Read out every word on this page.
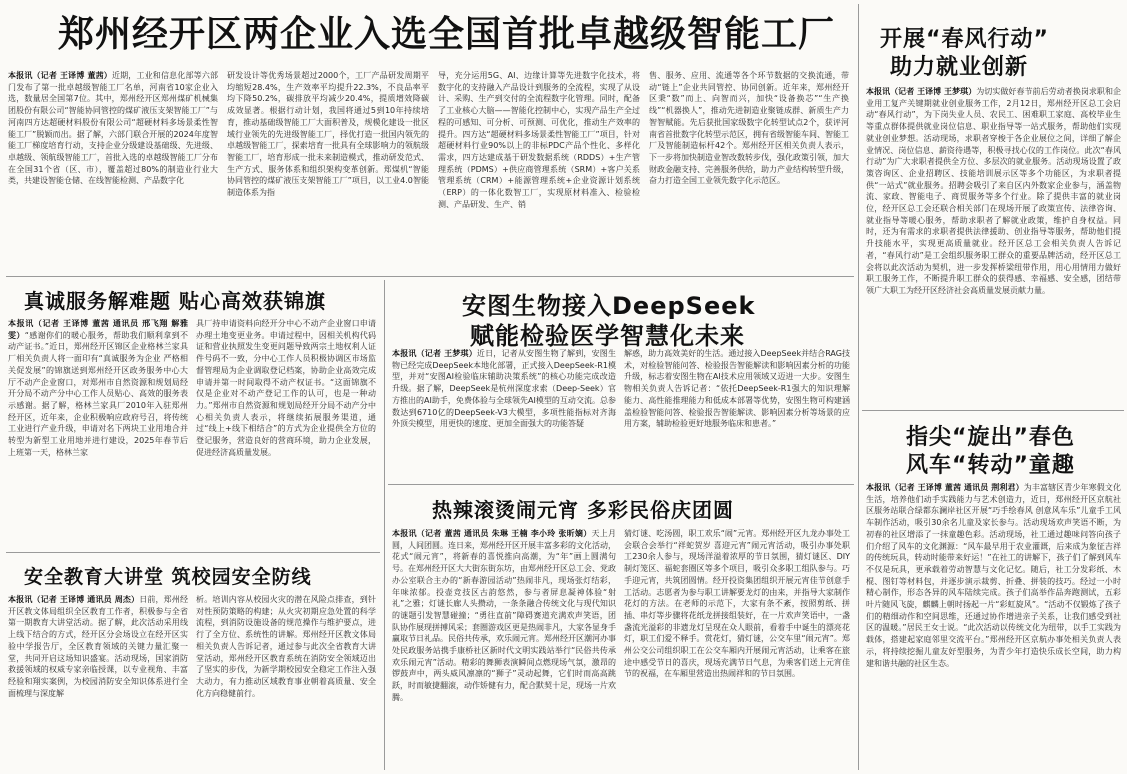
郑州经开区两企业入选全国首批卓越级智能工厂
本报讯（记者 王译博 董茜）近期，工业和信息化部等六部门发布了第一批卓越级智能工厂名单，河南省10家企业入选，数量居全国第7位。其中，郑州经开区郑州煤矿机械集团股份有限公司“智能协同管控的煤矿液压支架智能工厂”与河南四方达超硬材料股份有限公司“超硬材料多场景柔性智能工厂”脱颖而出。据了解，六部门联合开展的2024年度智能工厂梯度培育行动，支持企业分级建设基础级、先进级、卓越级、领航级智能工厂，首批入选的卓越级智能工厂分布在全国31个省（区、市），覆盖超过80%的制造业行业大类，共建设智能仓储、在线智能检测、产品数字化
研发设计等优秀场景超过2000个，工厂产品研发周期平均缩短28.4%，生产效率平均提升22.3%，不良品率平均下降50.2%，碳排放平均减少20.4%，提质增效降碳成效显著。根据行动计划，我国将通过5到10年持续培育，推动基础级智能工厂大面积普及，规模化建设一批区域行业领先的先进级智能工厂，择优打造一批国内领先的卓越级智能工厂，探索培育一批具有全球影响力的领航级智能工厂，培育形成一批未来制造模式，推动研发范式、生产方式、服务体系和组织架构变革创新。郑煤机“智能协同管控的煤矿液压支架智能工厂”项目，以工业4.0智能制造体系为指
导，充分运用5G、AI、边缘计算等先进数字化技术，将数字化的支持融入产品设计到服务的全流程，实现了从设计、采购、生产到交付的全流程数字化管理。同时，配备了工业核心大脑——智能化控制中心，实现产品生产全过程的可感知、可分析、可预测、可优化，推动生产效率的提升。四方达“超硬材料多场景柔性智能工厂”项目，针对超硬材料行业90%以上的非标PDC产品个性化、多样化需求，四方达建成基于研发数据系统（RDDS）+生产管理系统（PDMS）+供应商管理系统（SRM）+客户关系管理系统（CRM）+能源管理系统+企业资源计划系统（ERP）的一体化数智工厂，实现原材料准入、检验检测、产品研发、生产、销
售、服务、应用、流通等各个环节数据的交换流通，带动“链上”企业共同管控、协同创新。近年来，郑州经开区秉“数”而上、向智而兴，加快“设备换芯”“生产换线”“机器换人”，推动先进制造业聚链成群、新质生产力智智赋能。先后获批国家级数字化转型试点2个，获评河南省首批数字化转型示范区，拥有省级智能车间、智能工厂及智能制造标杆42个。郑州经开区相关负责人表示，下一步将加快制造业智改数转步伐，强化政策引领，加大财政金融支持、完善服务供给，助力产业结构转型升级，奋力打造全国工业领先数字化示范区。
开展“春风行动”
助力就业创新
本报讯（记者 王译博 王梦琪）为切实做好春节前后劳动者换岗求职和企业用工复产关键期就业创业服务工作，2月12日，郑州经开区总工会启动“春风行动”，为下岗失业人员、农民工、困难职工家庭、高校毕业生等重点群体提供就业岗位信息、职业指导等一站式服务，帮助他们实现就业创业梦想。活动现场，求职者穿梭于各企业展位之间，详细了解企业情况、岗位信息、薪资待遇等，积极寻找心仪的工作岗位。此次“春风行动”为广大求职者提供全方位、多层次的就业服务。活动现场设置了政策咨询区、企业招聘区、技能培训展示区等多个功能区，为求职者提供“一站式”就业服务。招聘会吸引了来自区内外数家企业参与，涵盖物流、家政、智能电子、商贸服务等多个行业。除了提供丰富的就业岗位，经开区总工会还联合相关部门在现场开展了政策宣传、法律咨询、就业指导等暖心服务，帮助求职者了解就业政策，维护自身权益。同时，还为有需求的求职者提供法律援助、创业指导等服务，帮助他们提升技能水平，实现更高质量就业。经开区总工会相关负责人告诉记者，“春风行动”是工会组织服务职工群众的重要品牌活动，经开区总工会将以此次活动为契机，进一步发挥桥梁纽带作用，用心用情用力做好职工服务工作，不断提升职工群众的获得感、幸福感、安全感，团结带领广大职工为经开区经济社会高质量发展贡献力量。
真诚服务解难题 贴心高效获锦旗
本报讯（记者 王译博 董茜 通讯员 邢飞翔 解雅雯）“感谢你们的暖心服务，帮助我们顺利拿到不动产证书。”近日，郑州经开区锦区企业格林兰家具厂相关负责人将一面印有“真诚服务为企业 严格相关促发展”的锦旗送到郑州经开区政务服务中心大厅不动产企业窗口，对郑州市自然资源和规划局经开分局不动产分中心工作人员贴心、高效的服务表示感谢。据了解，格林兰家具厂2010年入驻郑州经开区，近年来，企业积极响应政府号召，将传统工业进行产业升级，申请对名下两块工业用地合并转型为新型工业用地并进行建设，2025年春节后上班第一天，格林兰家
具厂持申请资料向经开分中心不动产企业窗口申请办理土地变更业务。申请过程中，因相关机构代码证和营业执照发生变更问题导致两宗土地权利人证件号码不一致，分中心工作人员积极协调区市场监督管理局为企业调取登记档案，协助企业高效完成申请并第一时间取得不动产权证书。“这面锦旗不仅是企业对不动产登记工作的认可，也是一种动力。”郑州市自然资源和规划局经开分局不动产分中心相关负责人表示，将继续拓展服务渠道，通过“线上+线下相结合”的方式为企业提供全方位的登记服务，营造良好的营商环境，助力企业发展，促进经济高质量发展。
安图生物接入DeepSeek
赋能检验医学智慧化未来
本报讯（记者 王梦琪）近日，记者从安图生物了解到，安图生物已经完成DeepSeek本地化部署，正式接入DeepSeek-R1模型，并对“安图AI检验临床辅助决策系统”的核心功能完成改造升级。据了解，DeepSeek是杭州深度求索（Deep-Seek）官方推出的AI助手，免费体验与全球领先AI模型的互动交流。总参数达到6710亿的DeepSeek-V3大模型，多项性能指标对齐海外顶尖模型，用更快的速度、更加全面强大的功能答疑
解惑，助力高效美好的生活。通过接入DeepSeek并结合RAG技术，对检验智能问答、检验报告智能解读和影响因素分析的功能升级，标志着安图生物在AI技术应用领域又迈进一大步。安图生物相关负责人告诉记者：“依托DeepSeek-R1强大的知识理解能力、高性能推理能力和低成本部署等优势，安图生物可构建涵盖检验智能问答、检验报告智能解读、影响因素分析等场景的应用方案，辅助检验更好地服务临床和患者。”
热辣滚烫闹元宵 多彩民俗庆团圆
本报讯（记者 董茜 通讯员 朱琳 王楠 李小玲 张昕嫡）天上月圆，人间团圆。连日来，郑州经开区开展丰富多彩的文化活动，花式“闹元宵”，将新春的喜悦推向高潮，为“年”画上圆满句号。在郑州经开区大大街东街东坊，由郑州经开区总工会、党政办公室联合主办的“新春游园活动”热闹非凡，现场张灯结彩，年味浓郁。投壶竞技区古韵悠然，参与者屏息凝神体验“射礼”之雅；灯谜长廊人头攒动，一条条融合传统文化与现代知识的谜题引发智慧碰撞；“勇往直前”障碍赛道充满欢声笑语，团队协作展现拼搏风采；套圈游戏区更是热闹非凡，大家各显身手赢取节日礼品。民俗共传承，欢乐闹元宵。郑州经开区潮河办事处民政服务站携手康桥社区新时代文明实践站举行“民俗共传承 欢乐闹元宵”活动。精彩的舞狮表演瞬间点燃现场气氛，激昂的锣鼓声中，两头威风凛凛的“狮子”灵动起舞，它们时而高高跳跃，时而敏捷翻滚，动作矫健有力，配合默契十足，现场一片欢腾。
猜灯谜、吃汤圆，职工欢乐“闹”元宵。郑州经开区九龙办事处工会联合会举行“祥蛇贺岁 喜迎元宵”闹元宵活动，吸引办事处职工230余人参与，现场洋溢着浓厚的节日氛围，猜灯谜区、DIY制灯笼区、福蛇套圈区等多个项目，吸引众多职工组队参与。巧手迎元宵，共筑团圆情。经开投资集团组织开展元宵佳节创意手工活动。志愿者为参与职工讲解要龙灯的由来，并指导大家制作花灯的方法。在老师的示范下，大家有条不紊，按照剪纸、拼插、串灯等步骤将花纸龙拼接组装好，在一片欢声笑语中，一盏盏流光溢彩的非遗龙灯呈现在众人眼前，看着手中诞生的漂亮花灯，职工们爱不释手。赏花灯，猜灯谜，公交车里“闹元宵”。郑州公交公司组织职工在公交车厢内开展闹元宵活动，让乘客在旅途中感受节日的喜庆，现场充满节日气息，为乘客们送上元宵佳节的祝福，在车厢里营造出热闹祥和的节日氛围。
安全教育大讲堂 筑校园安全防线
本报讯（记者 王译博 通讯员 周杰）日前，郑州经开区教文体局组织全区教育工作者，积极参与全省第一期教育大讲堂活动。据了解，此次活动采用线上线下结合的方式，经开区分会场设立在经开区实验中学报告厅，全区教育领域的关键力量汇聚一堂，共同开启这场知识盛宴。活动现场，国家消防救援领域的权威专家亲临授课，以专业视角、丰富经验和翔实案例，为校园消防安全知识体系进行全面梳理与深度解
析。培训内容从校园火灾的潜在风险点排查，到针对性预防策略的构建；从火灾初期应急处置的科学流程，到消防设施设备的规范操作与维护要点，进行了全方位、系统性的讲解。郑州经开区教文体局相关负责人告诉记者，通过参与此次全省教育大讲堂活动，郑州经开区教育系统在消防安全领域迈出了坚实的步伐，为新学期校园安全稳定工作注入强大动力，有力推动区域教育事业朝着高质量、安全化方向稳健前行。
指尖“旋出”春色
风车“转动”童趣
本报讯（记者 王译博 董茜 通讯员 荆利君）为丰富辖区青少年寒假文化生活，培养他们动手实践能力与艺术创造力，近日，郑州经开区京航社区服务站联合绿都东澜岸社区开展“巧手绘春风 创意风车乐”儿童手工风车制作活动，吸引30余名儿童及家长参与。活动现场欢声笑语不断，为初春的社区增添了一抹童趣色彩。活动现场，社工通过趣味问答向孩子们介绍了风车的文化渊源：“风车最早用于农业灌溉，后来成为象征吉祥的传统玩具，转动时能带来好运！”在社工的讲解下，孩子们了解到风车不仅是玩具，更承载着劳动智慧与文化记忆。随后，社工分发彩纸、木棍、图钉等材料包，并逐步演示裁剪、折叠、拼装的技巧。经过一小时精心制作，形态各异的风车陆续完成。孩子们高举作品奔跑测试，五彩叶片随风飞旋，麒麟上朝时扬起一片“彩虹旋风”。“活动不仅锻炼了孩子们的精细动作和空间思维，还通过协作增进亲子关系，让我们感受到社区的温暖。”居民王女士说。“此次活动以传统文化为纽带，以手工实践为载体，搭建起家庭邻里交流平台。”郑州经开区京航办事处相关负责人表示，将持续挖掘儿童友好型服务，为青少年打造快乐成长空间，助力构建和谐共融的社区生态。
